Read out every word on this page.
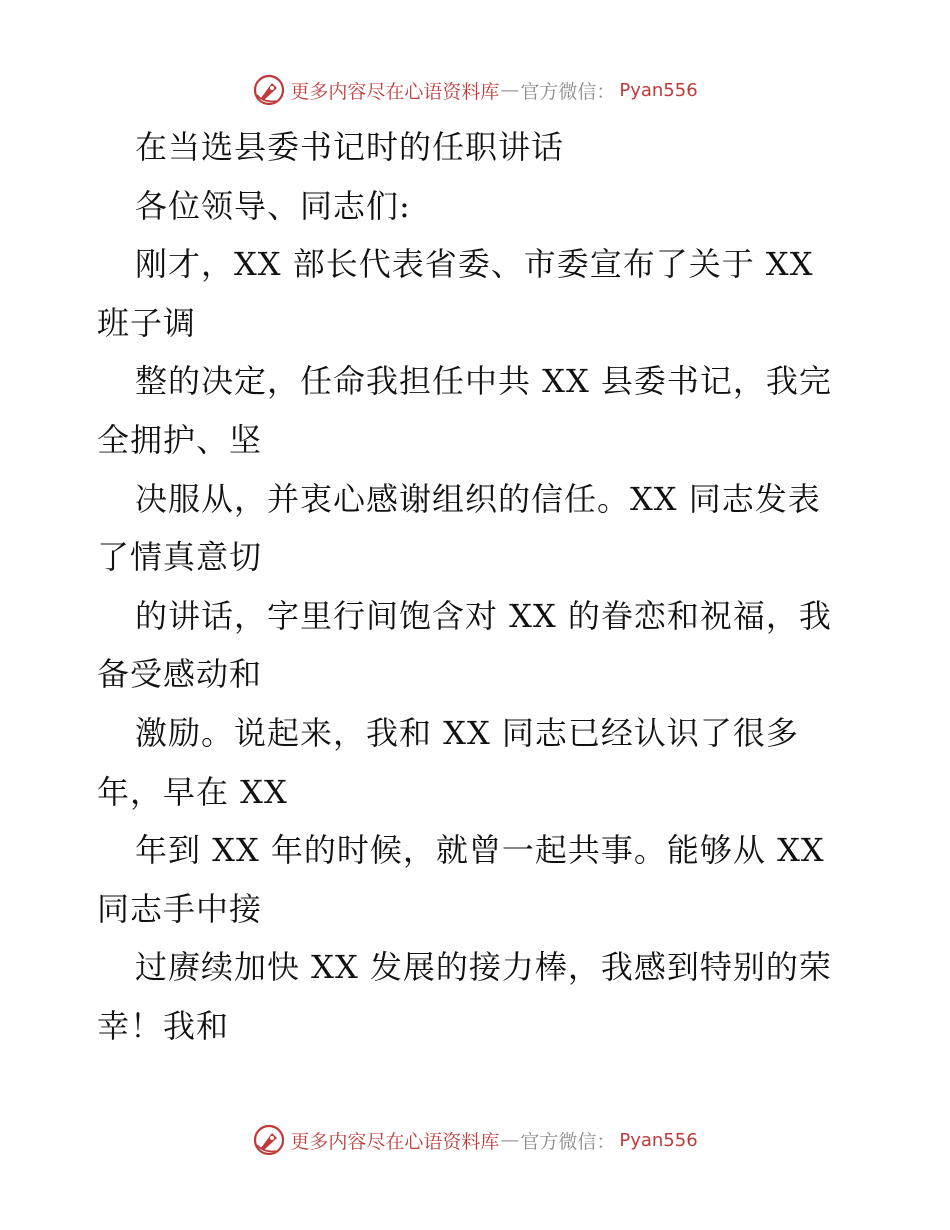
更多内容尽在心语资料库 — 官方微信： Pyan556

在当选县委书记时的任职讲话

各位领导、同志们:

刚才，XX 部长代表省委、市委宣布了关于 XX

班子调

整的决定，任命我担任中共 XX 县委书记，我完

全拥护、坚

决服从，并衷心感谢组织的信任。XX 同志发表

了情真意切

的讲话，字里行间饱含对 XX 的眷恋和祝福，我

备受感动和

激励。说起来，我和 XX 同志已经认识了很多

年，早在 XX

年到 XX 年的时候，就曾一起共事。能够从 XX

同志手中接

过赓续加快 XX 发展的接力棒，我感到特别的荣

幸！我和

更多内容尽在心语资料库 — 官方微信： Pyan556
